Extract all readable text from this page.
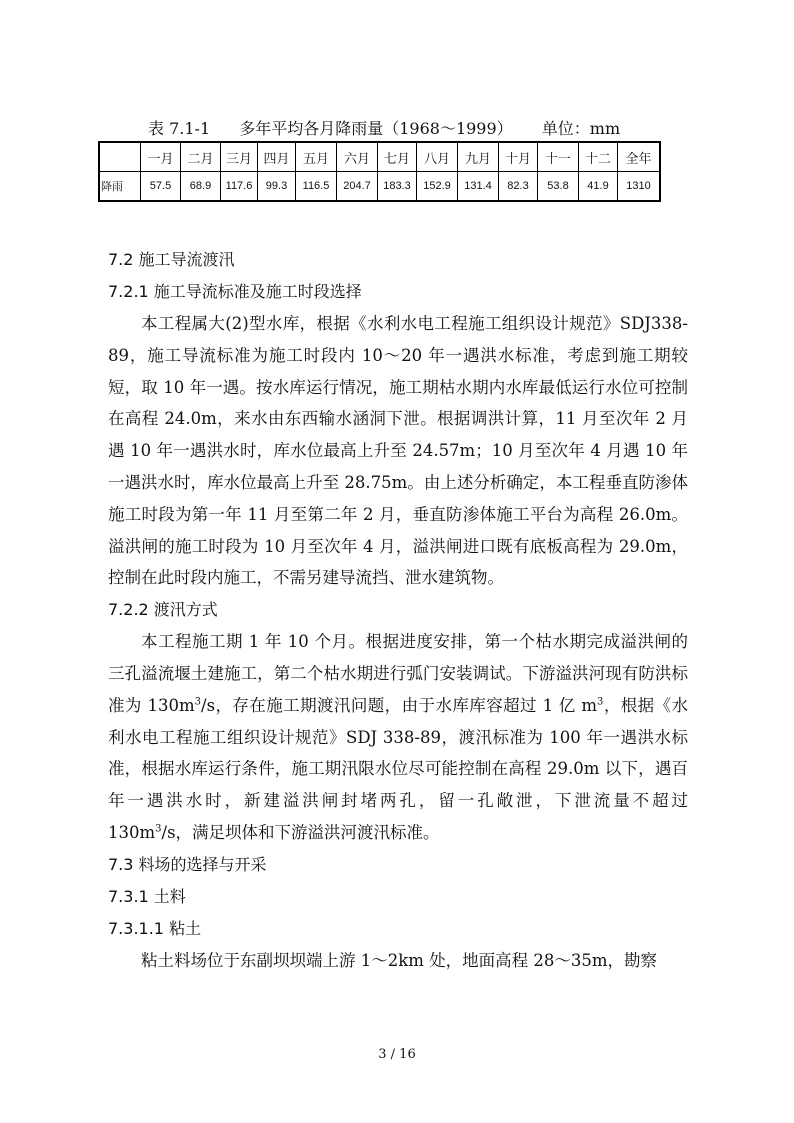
表 7.1-1 多年平均各月降雨量（1968～1999） 单位：mm
	一月	二月	三月	四月	五月	六月	七月	八月	九月	十月	十一	十二	全年
降雨	57.5	68.9	117.6	99.3	116.5	204.7	183.3	152.9	131.4	82.3	53.8	41.9	1310
7.2 施工导流渡汛
7.2.1 施工导流标准及施工时段选择

本工程属大(2)型水库，根据《水利水电工程施工组织设计规范》SDJ338-89，施工导流标准为施工时段内 10～20 年一遇洪水标准，考虑到施工期较短，取 10 年一遇。按水库运行情况，施工期枯水期内水库最低运行水位可控制在高程 24.0m，来水由东西输水涵洞下泄。根据调洪计算，11 月至次年 2 月遇 10 年一遇洪水时，库水位最高上升至 24.57m；10 月至次年 4 月遇 10 年一遇洪水时，库水位最高上升至 28.75m。由上述分析确定，本工程垂直防渗体施工时段为第一年 11 月至第二年 2 月，垂直防渗体施工平台为高程 26.0m。溢洪闸的施工时段为 10 月至次年 4 月，溢洪闸进口既有底板高程为 29.0m，控制在此时段内施工，不需另建导流挡、泄水建筑物。

7.2.2 渡汛方式

本工程施工期 1 年 10 个月。根据进度安排，第一个枯水期完成溢洪闸的三孔溢流堰土建施工，第二个枯水期进行弧门安装调试。下游溢洪河现有防洪标准为 $130m^3/s$，存在施工期渡汛问题，由于水库库容超过 1 亿 $m^3$，根据《水利水电工程施工组织设计规范》SDJ 338-89，渡汛标准为 100 年一遇洪水标准，根据水库运行条件，施工期汛限水位尽可能控制在高程 29.0m 以下，遇百年一遇洪水时，新建溢洪闸封堵两孔，留一孔敞泄，下泄流量不超过 $130m^3/s$，满足坝体和下游溢洪河渡汛标准。

7.3 料场的选择与开采
7.3.1 土料
7.3.1.1 粘土

粘土料场位于东副坝坝端上游 1～2km 处，地面高程 28～35m，勘察

3 / 16
